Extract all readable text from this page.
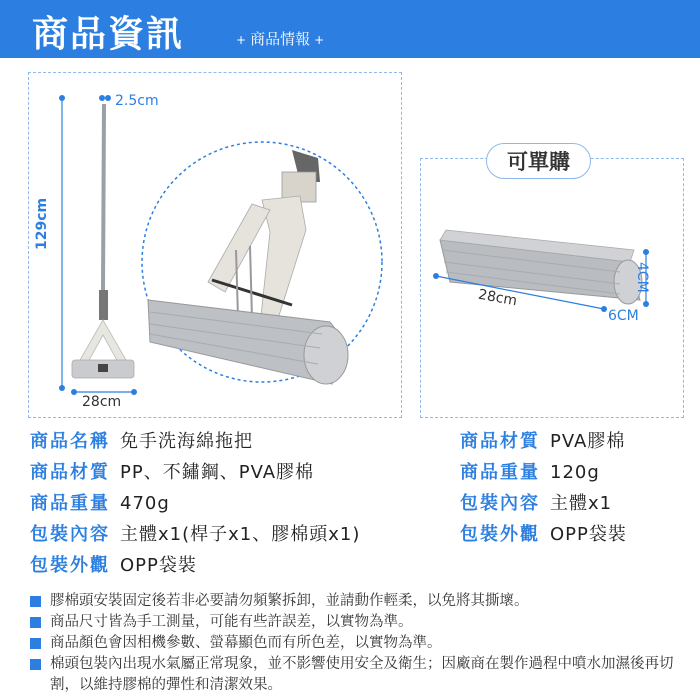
商品資訊	+ 商品情報 +
2.5cm
129cm
28cm
可單購
28cm
6CM
4CM
商品名稱 免手洗海綿拖把
商品材質 PP、不鏽鋼、PVA膠棉
商品重量 470g
包裝內容 主體x1(桿子x1、膠棉頭x1)
包裝外觀 OPP袋裝
商品材質 PVA膠棉
商品重量 120g
包裝內容 主體x1
包裝外觀 OPP袋裝
膠棉頭安裝固定後若非必要請勿頻繁拆卸，並請動作輕柔，以免將其撕壞。
商品尺寸皆為手工測量，可能有些許誤差，以實物為準。
商品顏色會因相機參數、螢幕顯色而有所色差，以實物為準。
棉頭包裝內出現水氣屬正常現象，並不影響使用安全及衛生；因廠商在製作過程中噴水加濕後再切割，以維持膠棉的彈性和清潔效果。
